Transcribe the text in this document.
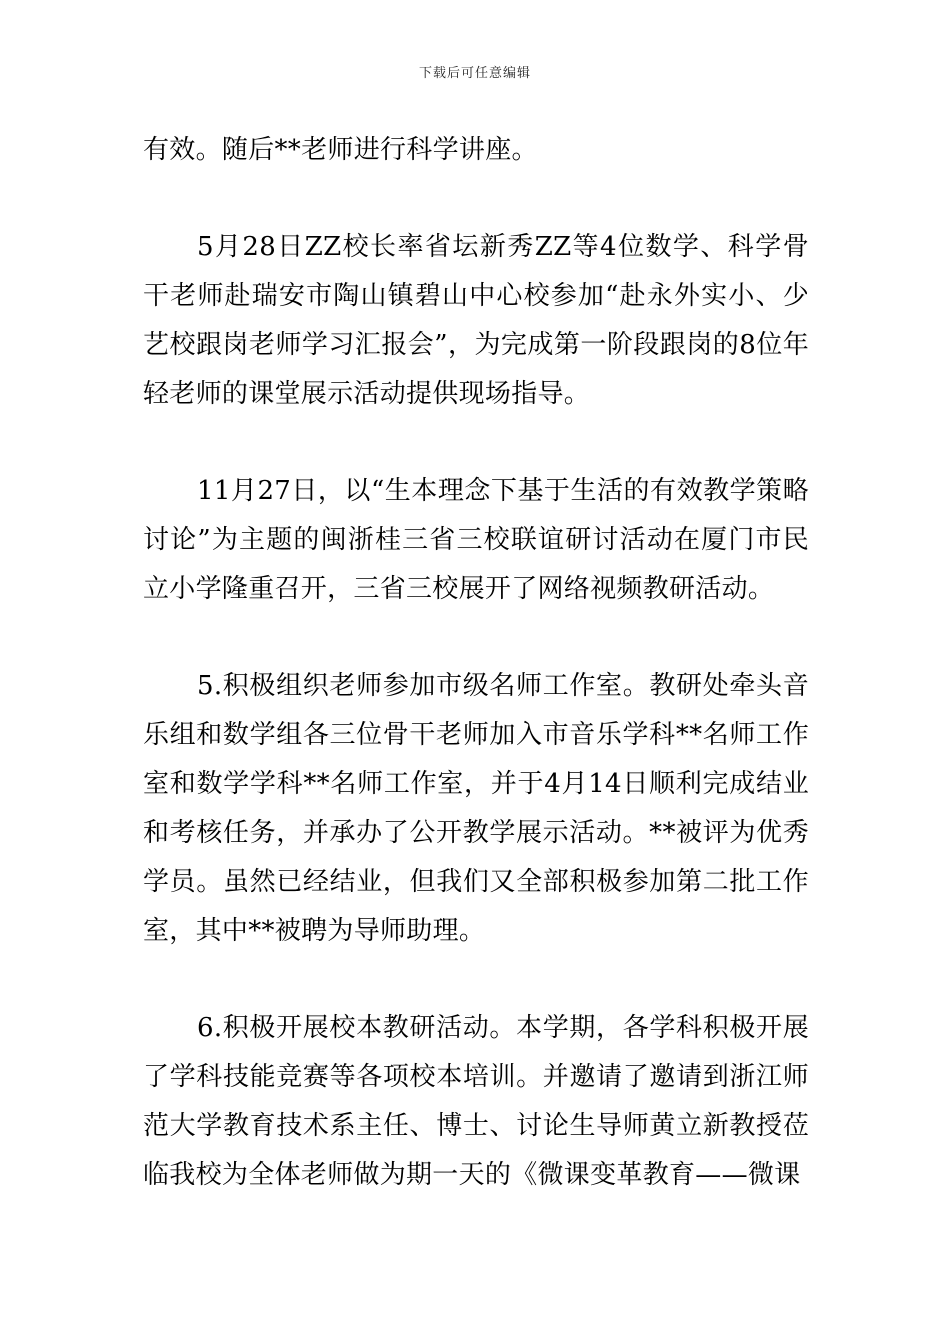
下载后可任意编辑

有效。随后**老师进行科学讲座。

5月28日ZZ校长率省坛新秀ZZ等4位数学、科学骨干老师赴瑞安市陶山镇碧山中心校参加“赴永外实小、少艺校跟岗老师学习汇报会”，为完成第一阶段跟岗的8位年轻老师的课堂展示活动提供现场指导。

11月27日，以“生本理念下基于生活的有效教学策略讨论”为主题的闽浙桂三省三校联谊研讨活动在厦门市民立小学隆重召开，三省三校展开了网络视频教研活动。

5.积极组织老师参加市级名师工作室。教研处牵头音乐组和数学组各三位骨干老师加入市音乐学科**名师工作室和数学学科**名师工作室，并于4月14日顺利完成结业和考核任务，并承办了公开教学展示活动。**被评为优秀学员。虽然已经结业，但我们又全部积极参加第二批工作室，其中**被聘为导师助理。

6.积极开展校本教研活动。本学期，各学科积极开展了学科技能竞赛等各项校本培训。并邀请了邀请到浙江师范大学教育技术系主任、博士、讨论生导师黄立新教授莅临我校为全体老师做为期一天的《微课变革教育——微课
